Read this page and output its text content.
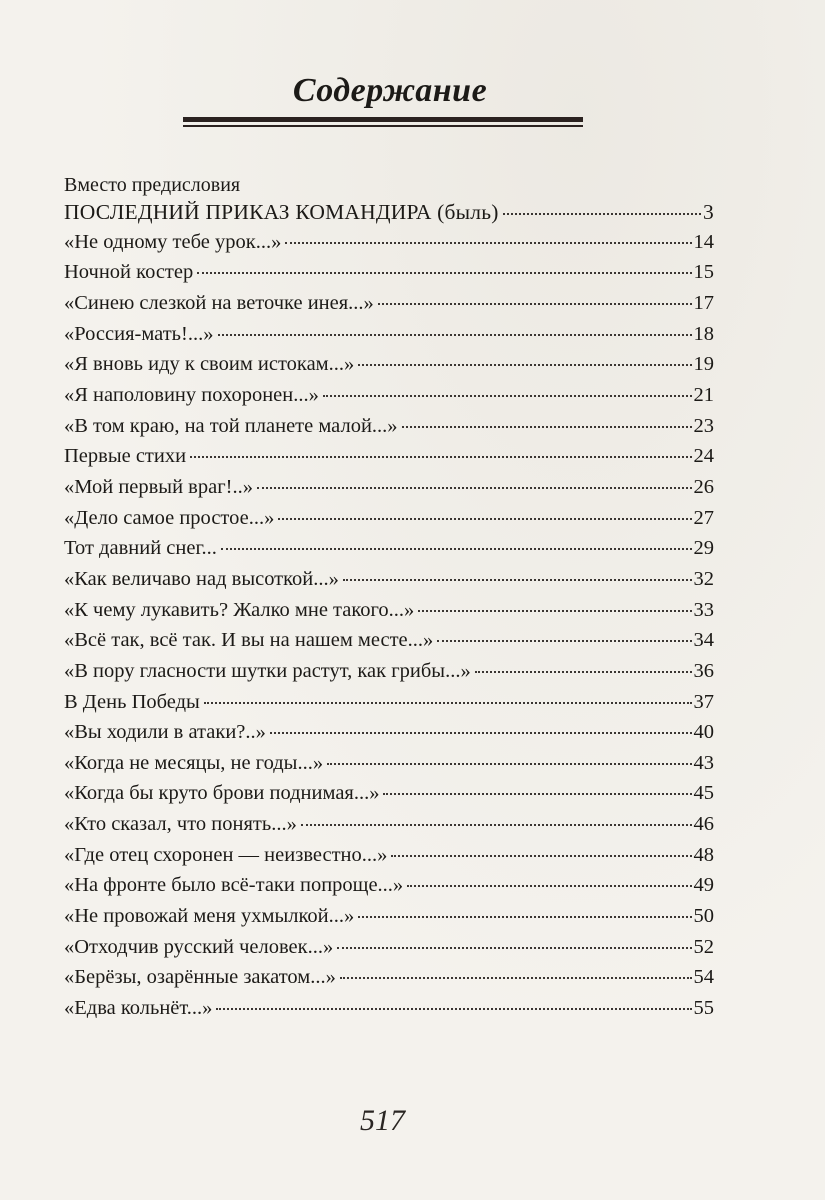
Содержание
Вместо предисловия
ПОСЛЕДНИЙ ПРИКАЗ КОМАНДИРА (быль)	3
«Не одному тебе урок...»	14
Ночной костер	15
«Синею слезкой на веточке инея...»	17
«Россия-мать!...»	18
«Я вновь иду к своим истокам...»	19
«Я наполовину похоронен...»	21
«В том краю, на той планете малой...»	23
Первые стихи	24
«Мой первый враг!..»	26
«Дело самое простое...»	27
Тот давний снег...	29
«Как величаво над высоткой...»	32
«К чему лукавить? Жалко мне такого...»	33
«Всё так, всё так. И вы на нашем месте...»	34
«В пору гласности шутки растут, как грибы...»	36
В День Победы	37
«Вы ходили в атаки?..»	40
«Когда не месяцы, не годы...»	43
«Когда бы круто брови поднимая...»	45
«Кто сказал, что понять...»	46
«Где отец схоронен — неизвестно...»	48
«На фронте было всё-таки попроще...»	49
«Не провожай меня ухмылкой...»	50
«Отходчив русский человек...»	52
«Берёзы, озарённые закатом...»	54
«Едва кольнёт...»	55
517
